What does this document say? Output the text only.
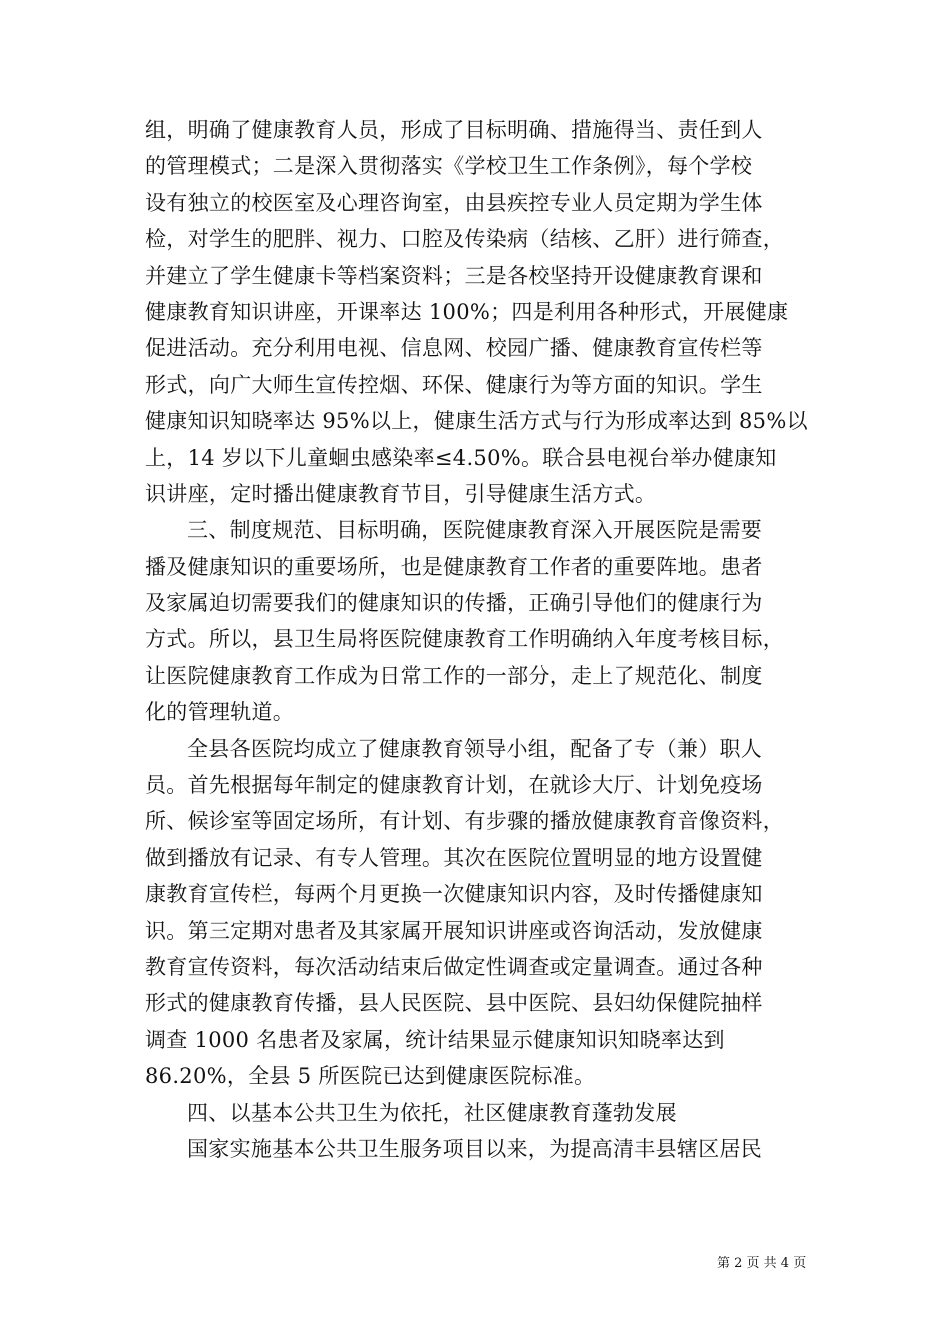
组，明确了健康教育人员，形成了目标明确、措施得当、责任到人
的管理模式；二是深入贯彻落实《学校卫生工作条例》，每个学校
设有独立的校医室及心理咨询室，由县疾控专业人员定期为学生体
检，对学生的肥胖、视力、口腔及传染病（结核、乙肝）进行筛查，
并建立了学生健康卡等档案资料；三是各校坚持开设健康教育课和
健康教育知识讲座，开课率达 100%；四是利用各种形式，开展健康
促进活动。充分利用电视、信息网、校园广播、健康教育宣传栏等
形式，向广大师生宣传控烟、环保、健康行为等方面的知识。学生
健康知识知晓率达 95%以上，健康生活方式与行为形成率达到 85%以
上，14 岁以下儿童蛔虫感染率≤4.50%。联合县电视台举办健康知
识讲座，定时播出健康教育节目，引导健康生活方式。
三、制度规范、目标明确，医院健康教育深入开展医院是需要
播及健康知识的重要场所，也是健康教育工作者的重要阵地。患者
及家属迫切需要我们的健康知识的传播，正确引导他们的健康行为
方式。所以，县卫生局将医院健康教育工作明确纳入年度考核目标，
让医院健康教育工作成为日常工作的一部分，走上了规范化、制度
化的管理轨道。
全县各医院均成立了健康教育领导小组，配备了专（兼）职人
员。首先根据每年制定的健康教育计划，在就诊大厅、计划免疫场
所、候诊室等固定场所，有计划、有步骤的播放健康教育音像资料，
做到播放有记录、有专人管理。其次在医院位置明显的地方设置健
康教育宣传栏，每两个月更换一次健康知识内容，及时传播健康知
识。第三定期对患者及其家属开展知识讲座或咨询活动，发放健康
教育宣传资料，每次活动结束后做定性调查或定量调查。通过各种
形式的健康教育传播，县人民医院、县中医院、县妇幼保健院抽样
调查 1000 名患者及家属，统计结果显示健康知识知晓率达到
86.20%，全县 5 所医院已达到健康医院标准。
四、以基本公共卫生为依托，社区健康教育蓬勃发展
国家实施基本公共卫生服务项目以来，为提高清丰县辖区居民
第 2 页 共 4 页
